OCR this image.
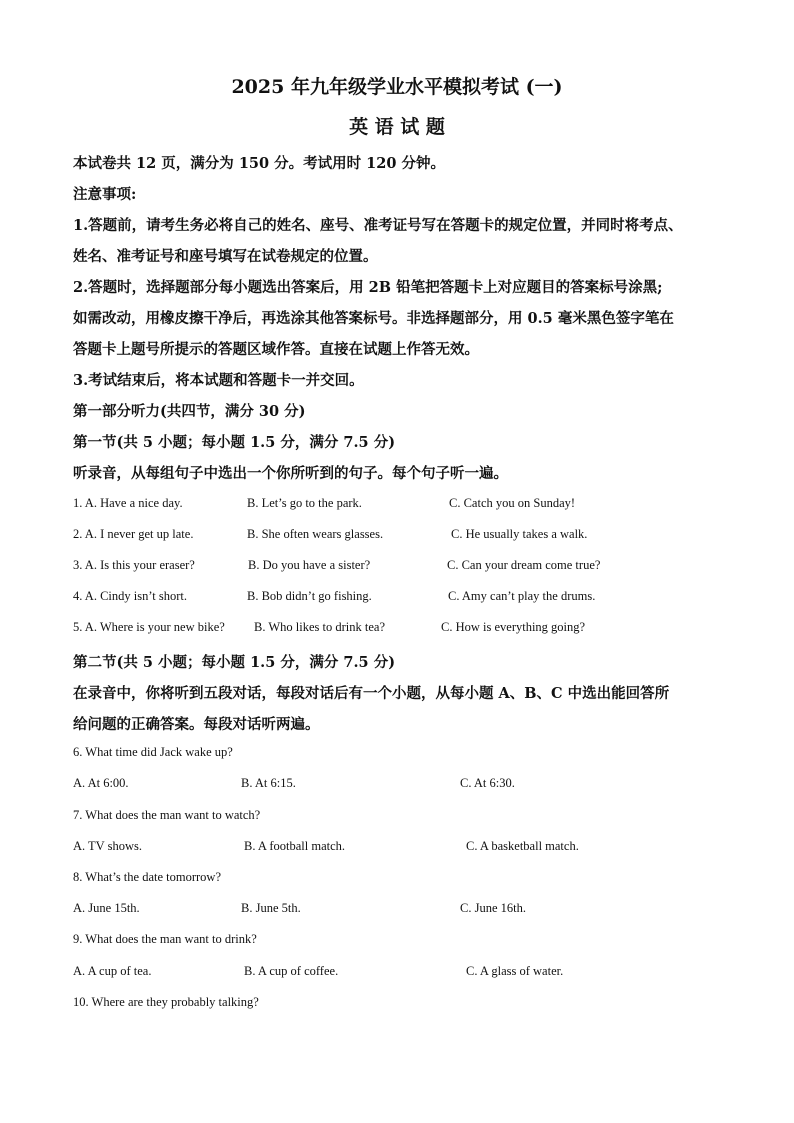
2025 年九年级学业水平模拟考试 (一)
英 语 试 题
本试卷共 12 页，满分为 150 分。考试用时 120 分钟。
注意事项:
1.答题前，请考生务必将自己的姓名、座号、准考证号写在答题卡的规定位置，并同时将考点、
姓名、准考证号和座号填写在试卷规定的位置。
2.答题时，选择题部分每小题选出答案后，用 2B 铅笔把答题卡上对应题目的答案标号涂黑;
如需改动，用橡皮擦干净后，再选涂其他答案标号。非选择题部分，用 0.5 毫米黑色签字笔在
答题卡上题号所提示的答题区域作答。直接在试题上作答无效。
3.考试结束后，将本试题和答题卡一并交回。
第一部分听力(共四节，满分 30 分)
第一节(共 5 小题；每小题 1.5 分，满分 7.5 分)
听录音，从每组句子中选出一个你所听到的句子。每个句子听一遍。
1. A. Have a nice day.	B. Let’s go to the park.	C. Catch you on Sunday!
2. A. I never get up late.	B. She often wears glasses.	C. He usually takes a walk.
3. A. Is this your eraser?	B. Do you have a sister?	C. Can your dream come true?
4. A. Cindy isn’t short.	B. Bob didn’t go fishing.	C. Amy can’t play the drums.
5. A. Where is your new bike? B. Who likes to drink tea?	C. How is everything going?
第二节(共 5 小题；每小题 1.5 分，满分 7.5 分)
在录音中，你将听到五段对话，每段对话后有一个小题，从每小题 A、B、C 中选出能回答所
给问题的正确答案。每段对话听两遍。
6. What time did Jack wake up?
A. At 6:00.	B. At 6:15.	C. At 6:30.
7. What does the man want to watch?
A. TV shows.	B. A football match.	C. A basketball match.
8. What’s the date tomorrow?
A. June 15th.	B. June 5th.	C. June 16th.
9. What does the man want to drink?
A. A cup of tea.	B. A cup of coffee.	C. A glass of water.
10. Where are they probably talking?
